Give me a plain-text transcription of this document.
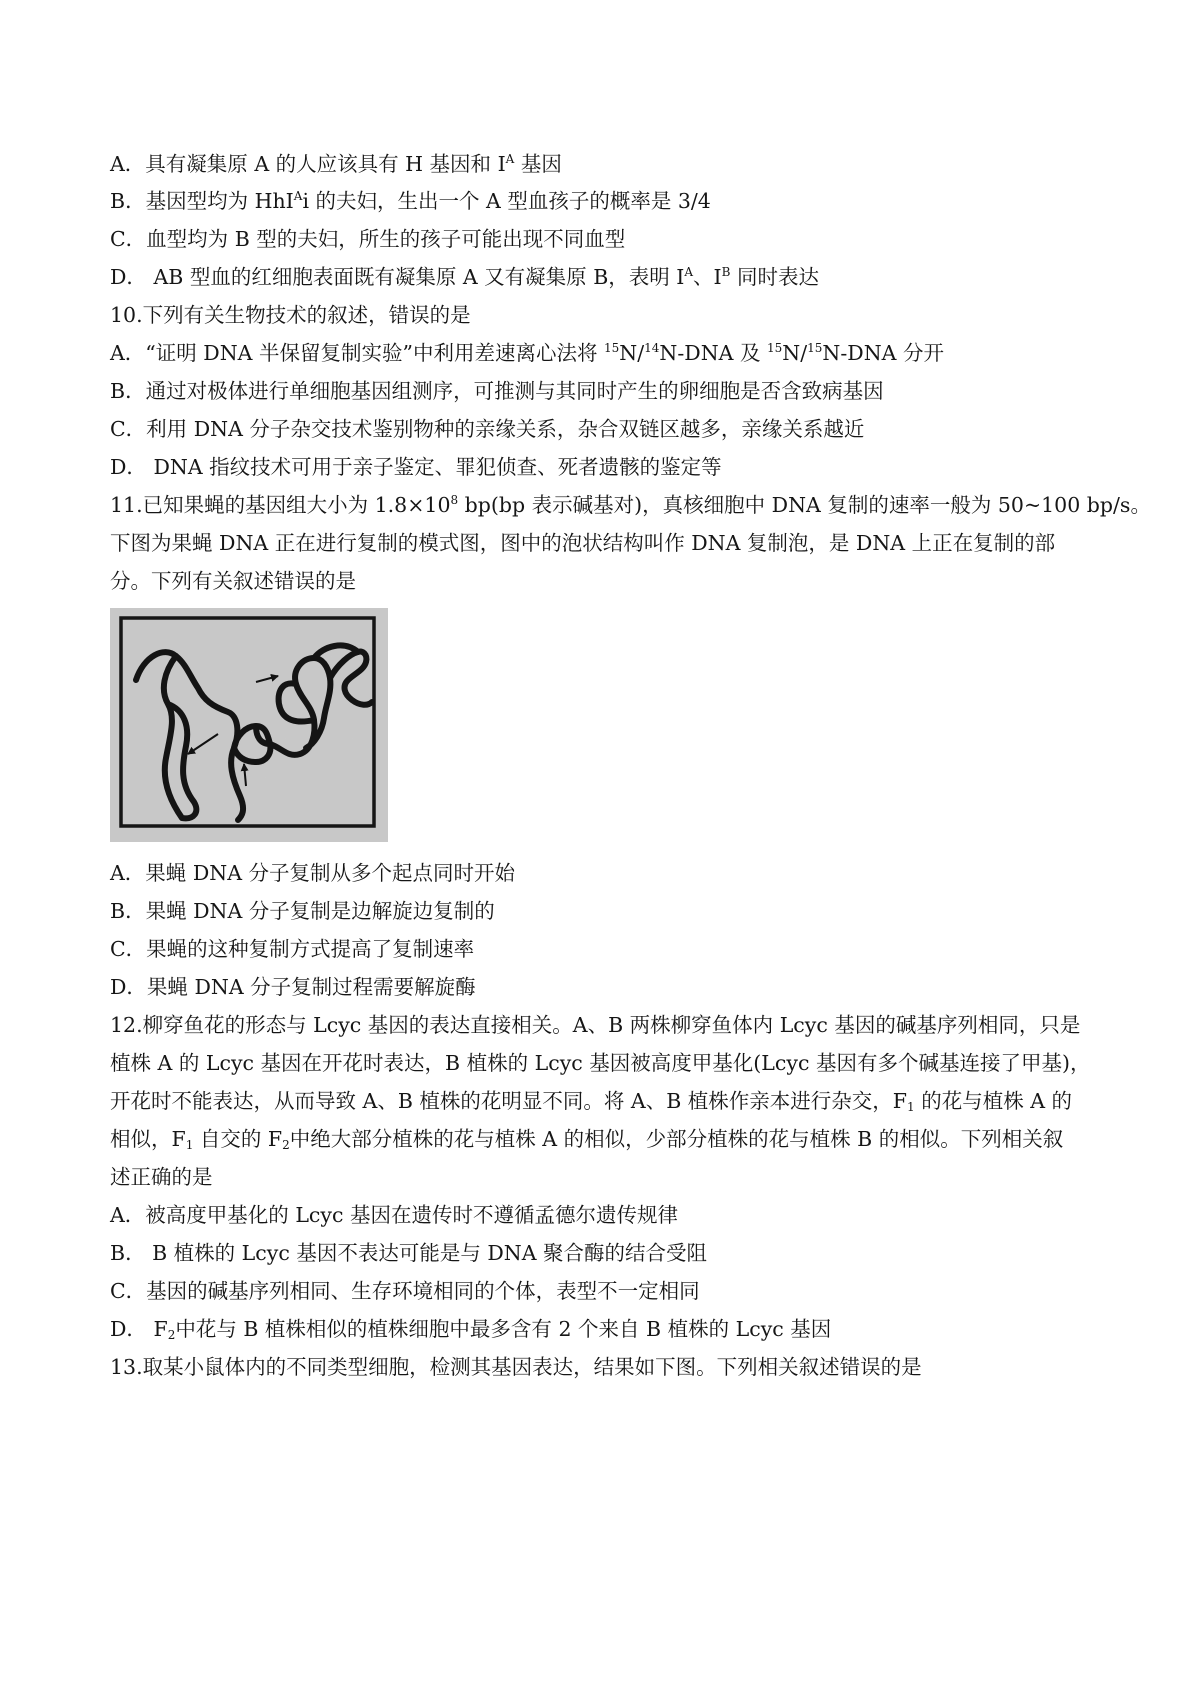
A．具有凝集原 A 的人应该具有 H 基因和 $I^A$ 基因
B．基因型均为 HhI$^A$i 的夫妇，生出一个 A 型血孩子的概率是 3/4
C．血型均为 B 型的夫妇，所生的孩子可能出现不同血型
D． AB 型血的红细胞表面既有凝集原 A 又有凝集原 B，表明 $I^A$、$I^B$ 同时表达
10.下列有关生物技术的叙述，错误的是
A．“证明 DNA 半保留复制实验”中利用差速离心法将 $^{15}$N/$^{14}$N-DNA 及 $^{15}$N/$^{15}$N-DNA 分开
B．通过对极体进行单细胞基因组测序，可推测与其同时产生的卵细胞是否含致病基因
C．利用 DNA 分子杂交技术鉴别物种的亲缘关系，杂合双链区越多，亲缘关系越近
D． DNA 指纹技术可用于亲子鉴定、罪犯侦查、死者遗骸的鉴定等
11.已知果蝇的基因组大小为 $1.8\times 10^8$ bp(bp 表示碱基对)，真核细胞中 DNA 复制的速率一般为 50~100 bp/s。
下图为果蝇 DNA 正在进行复制的模式图，图中的泡状结构叫作 DNA 复制泡，是 DNA 上正在复制的部
分。下列有关叙述错误的是
A．果蝇 DNA 分子复制从多个起点同时开始
B．果蝇 DNA 分子复制是边解旋边复制的
C．果蝇的这种复制方式提高了复制速率
D．果蝇 DNA 分子复制过程需要解旋酶
12.柳穿鱼花的形态与 Lcyc 基因的表达直接相关。A、B 两株柳穿鱼体内 Lcyc 基因的碱基序列相同，只是
植株 A 的 Lcyc 基因在开花时表达，B 植株的 Lcyc 基因被高度甲基化(Lcyc 基因有多个碱基连接了甲基)，
开花时不能表达，从而导致 A、B 植株的花明显不同。将 A、B 植株作亲本进行杂交，$F_1$ 的花与植株 A 的
相似，$F_1$ 自交的 $F_2$中绝大部分植株的花与植株 A 的相似，少部分植株的花与植株 B 的相似。下列相关叙
述正确的是
A．被高度甲基化的 Lcyc 基因在遗传时不遵循孟德尔遗传规律
B． B 植株的 Lcyc 基因不表达可能是与 DNA 聚合酶的结合受阻
C．基因的碱基序列相同、生存环境相同的个体，表型不一定相同
D． $F_2$中花与 B 植株相似的植株细胞中最多含有 2 个来自 B 植株的 Lcyc 基因
13.取某小鼠体内的不同类型细胞，检测其基因表达，结果如下图。下列相关叙述错误的是
